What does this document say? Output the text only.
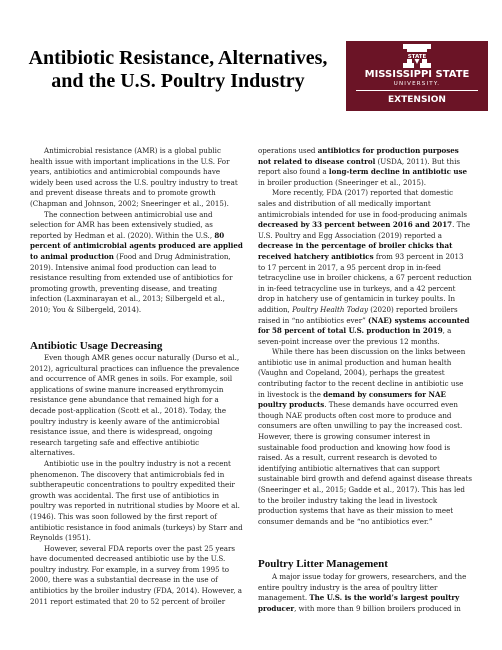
Antibiotic Resistance, Alternatives,
and the U.S. Poultry Industry
STATE
MISSISSIPPI STATE
UNIVERSITY.
EXTENSION

Antimicrobial resistance (AMR) is a global public health issue with important implications in the U.S. For years, antibiotics and antimicrobial compounds have widely been used across the U.S. poultry industry to treat and prevent disease threats and to promote growth (Chapman and Johnson, 2002; Sneeringer et al., 2015).

The connection between antimicrobial use and selection for AMR has been extensively studied, as reported by Hedman et al. (2020). Within the U.S., 80 percent of antimicrobial agents produced are applied to animal production (Food and Drug Administration, 2019). Intensive animal food production can lead to resistance resulting from extended use of antibiotics for promoting growth, preventing disease, and treating infection (Laxminarayan et al., 2013; Silbergeld et al., 2010; You & Silbergeld, 2014).

Antibiotic Usage Decreasing

Even though AMR genes occur naturally (Durso et al., 2012), agricultural practices can influence the prevalence and occurrence of AMR genes in soils. For example, soil applications of swine manure increased erythromycin resistance gene abundance that remained high for a decade post-application (Scott et al., 2018). Today, the poultry industry is keenly aware of the antimicrobial resistance issue, and there is widespread, ongoing research targeting safe and effective antibiotic alternatives.

Antibiotic use in the poultry industry is not a recent phenomenon. The discovery that antimicrobials fed in subtherapeutic concentrations to poultry expedited their growth was accidental. The first use of antibiotics in poultry was reported in nutritional studies by Moore et al. (1946). This was soon followed by the first report of antibiotic resistance in food animals (turkeys) by Starr and Reynolds (1951).

However, several FDA reports over the past 25 years have documented decreased antibiotic use by the U.S. poultry industry. For example, in a survey from 1995 to 2000, there was a substantial decrease in the use of antibiotics by the broiler industry (FDA, 2014). However, a 2011 report estimated that 20 to 52 percent of broiler

operations used antibiotics for production purposes not related to disease control (USDA, 2011). But this report also found a long-term decline in antibiotic use in broiler production (Sneeringer et al., 2015).

More recently, FDA (2017) reported that domestic sales and distribution of all medically important antimicrobials intended for use in food-producing animals decreased by 33 percent between 2016 and 2017. The U.S. Poultry and Egg Association (2019) reported a decrease in the percentage of broiler chicks that received hatchery antibiotics from 93 percent in 2013 to 17 percent in 2017, a 95 percent drop in in-feed tetracycline use in broiler chickens, a 67 percent reduction in in-feed tetracycline use in turkeys, and a 42 percent drop in hatchery use of gentamicin in turkey poults. In addition, Poultry Health Today (2020) reported broilers raised in “no antibiotics ever” (NAE) systems accounted for 58 percent of total U.S. production in 2019, a seven-point increase over the previous 12 months.

While there has been discussion on the links between antibiotic use in animal production and human health (Vaughn and Copeland, 2004), perhaps the greatest contributing factor to the recent decline in antibiotic use in livestock is the demand by consumers for NAE poultry products. These demands have occurred even though NAE products often cost more to produce and consumers are often unwilling to pay the increased cost. However, there is growing consumer interest in sustainable food production and knowing how food is raised. As a result, current research is devoted to identifying antibiotic alternatives that can support sustainable bird growth and defend against disease threats (Sneeringer et al., 2015; Gadde et al., 2017). This has led to the broiler industry taking the lead in livestock production systems that have as their mission to meet consumer demands and be “no antibiotics ever.”

Poultry Litter Management

A major issue today for growers, researchers, and the entire poultry industry is the area of poultry litter management. The U.S. is the world’s largest poultry producer, with more than 9 billion broilers produced in
